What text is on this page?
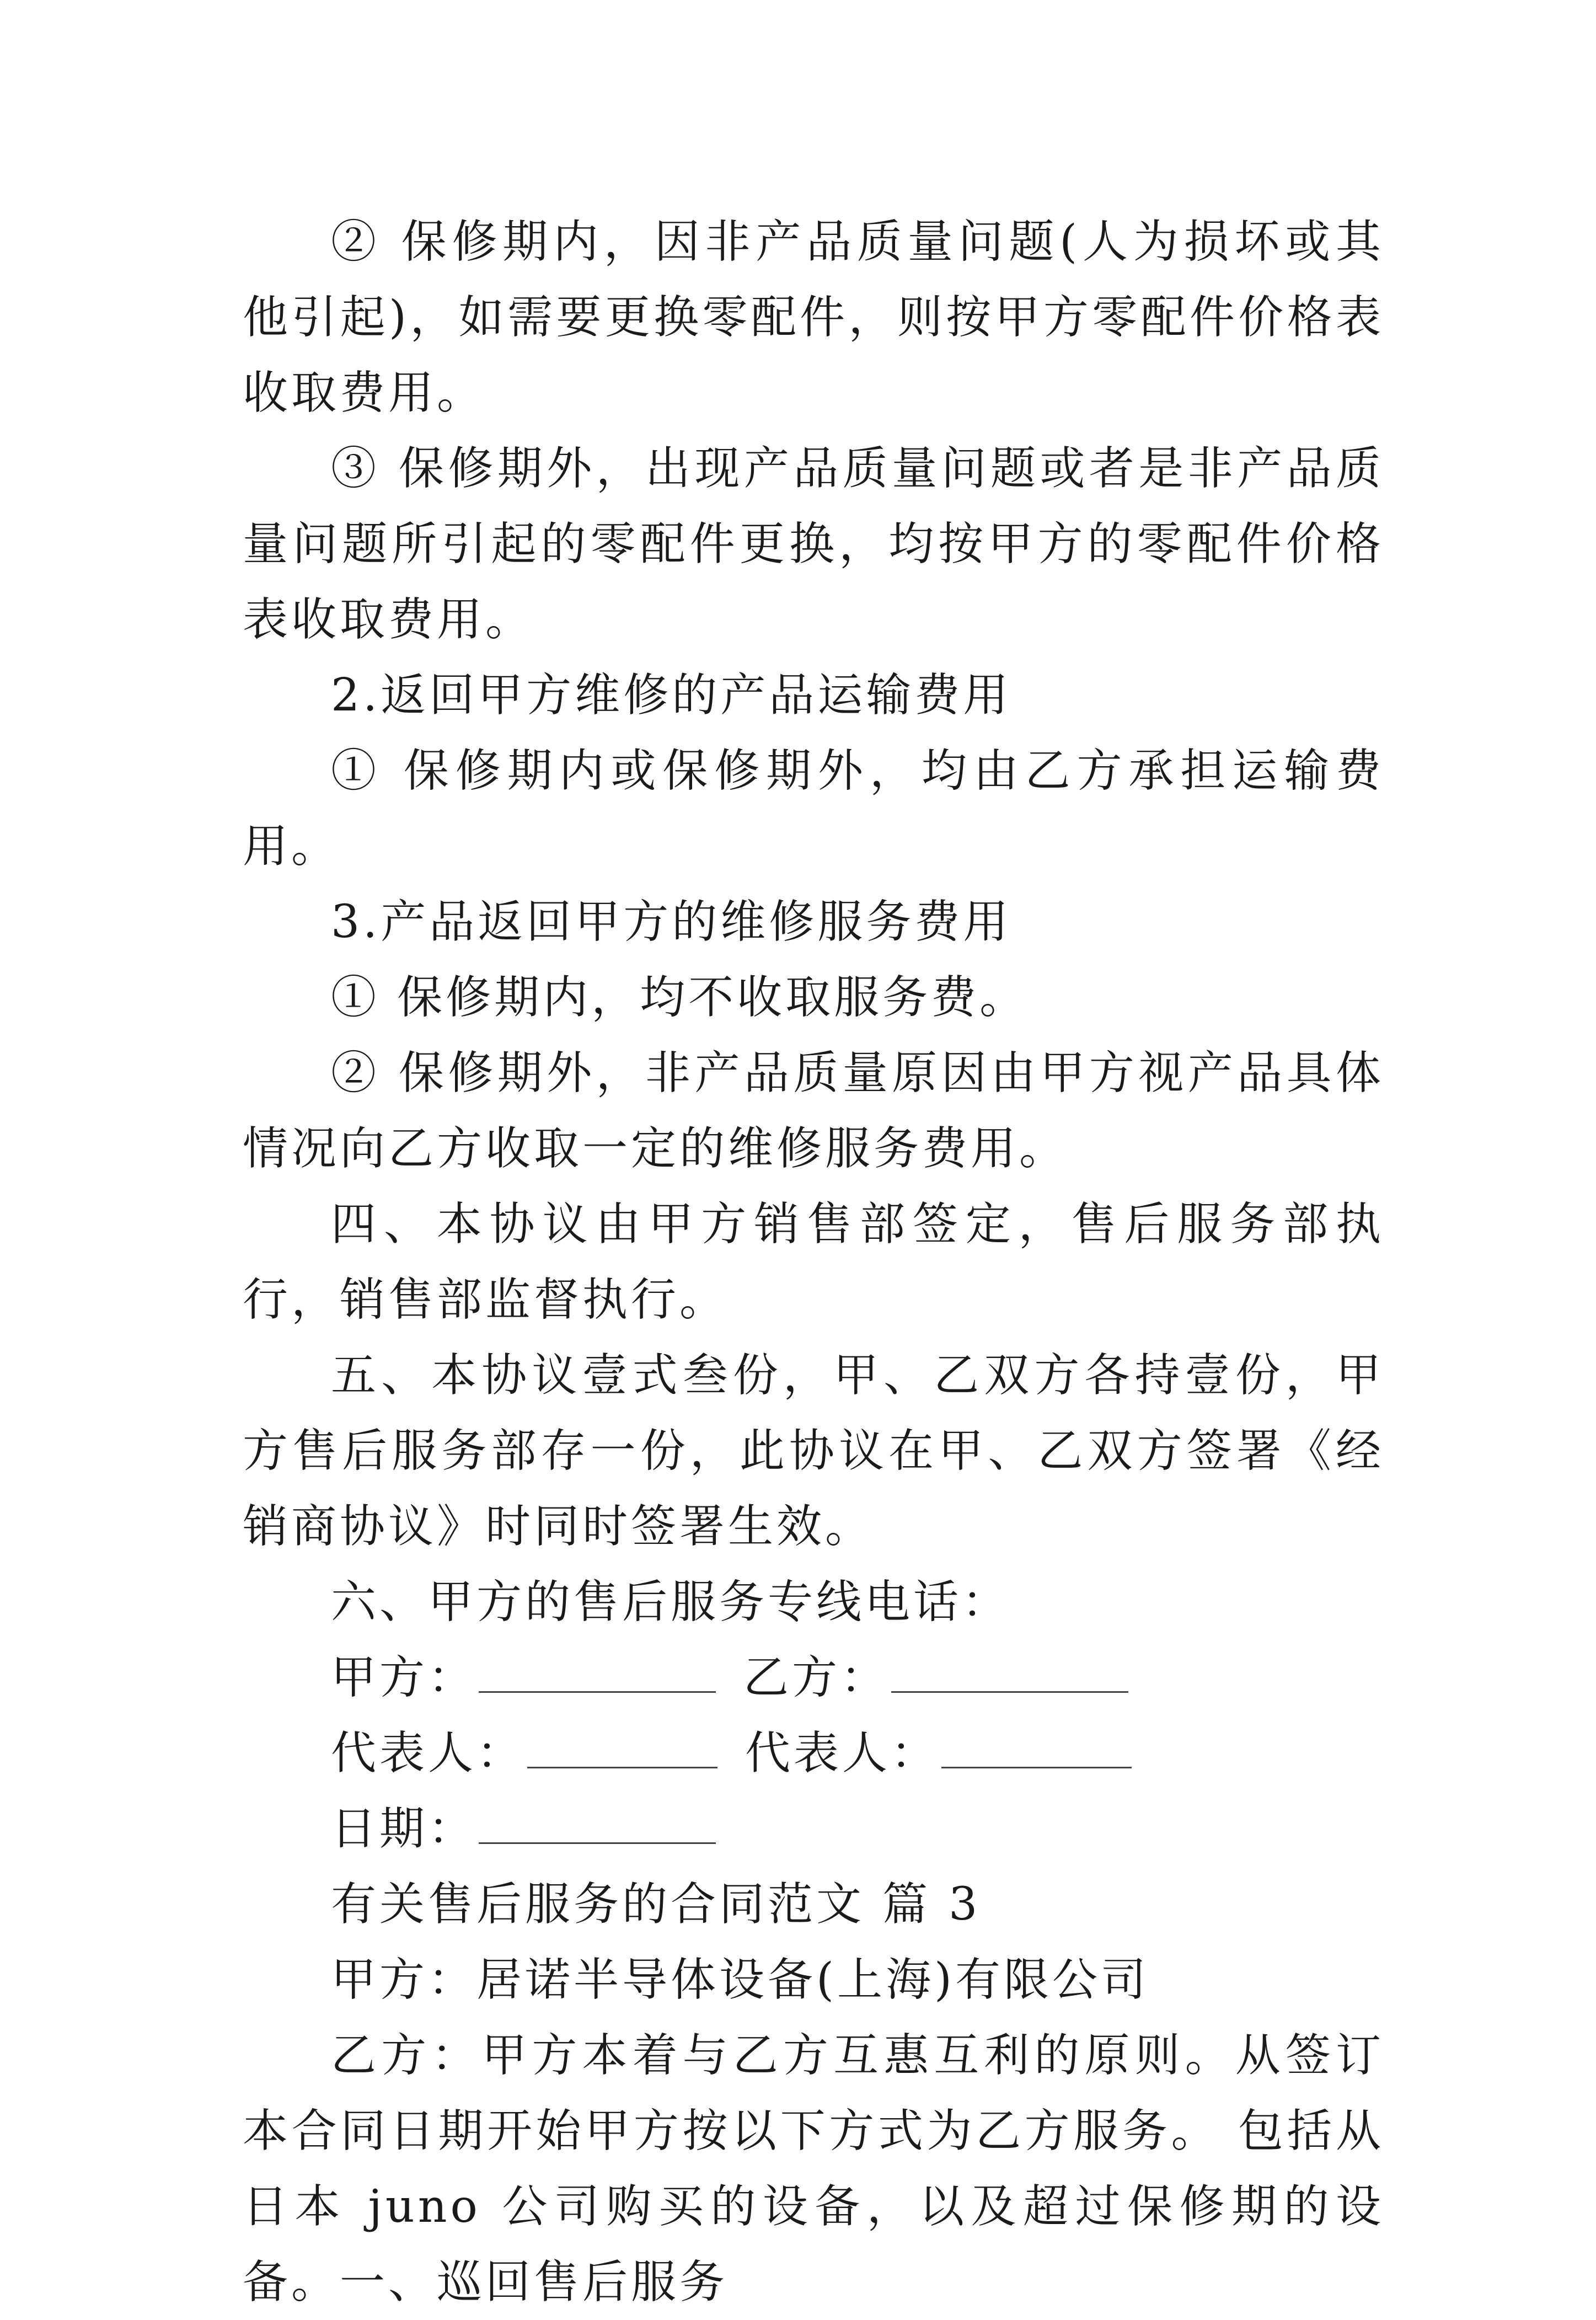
② 保修期内，因非产品质量问题(人为损坏或其他引起)，如需要更换零配件，则按甲方零配件价格表收取费用。

③ 保修期外，出现产品质量问题或者是非产品质量问题所引起的零配件更换，均按甲方的零配件价格表收取费用。

2.返回甲方维修的产品运输费用

① 保修期内或保修期外，均由乙方承担运输费用。

3.产品返回甲方的维修服务费用

① 保修期内，均不收取服务费。

② 保修期外，非产品质量原因由甲方视产品具体情况向乙方收取一定的维修服务费用。

四、本协议由甲方销售部签定，售后服务部执行，销售部监督执行。

五、本协议壹式叁份，甲、乙双方各持壹份，甲方售后服务部存一份，此协议在甲、乙双方签署《经销商协议》时同时签署生效。

六、甲方的售后服务专线电话：

甲方：	乙方：
代表人：	代表人：
日期：

有关售后服务的合同范文 篇 3

甲方：居诺半导体设备(上海)有限公司

乙方：甲方本着与乙方互惠互利的原则。从签订本合同日期开始甲方按以下方式为乙方服务。 包括从日本 juno 公司购买的设备，以及超过保修期的设备。一、巡回售后服务
